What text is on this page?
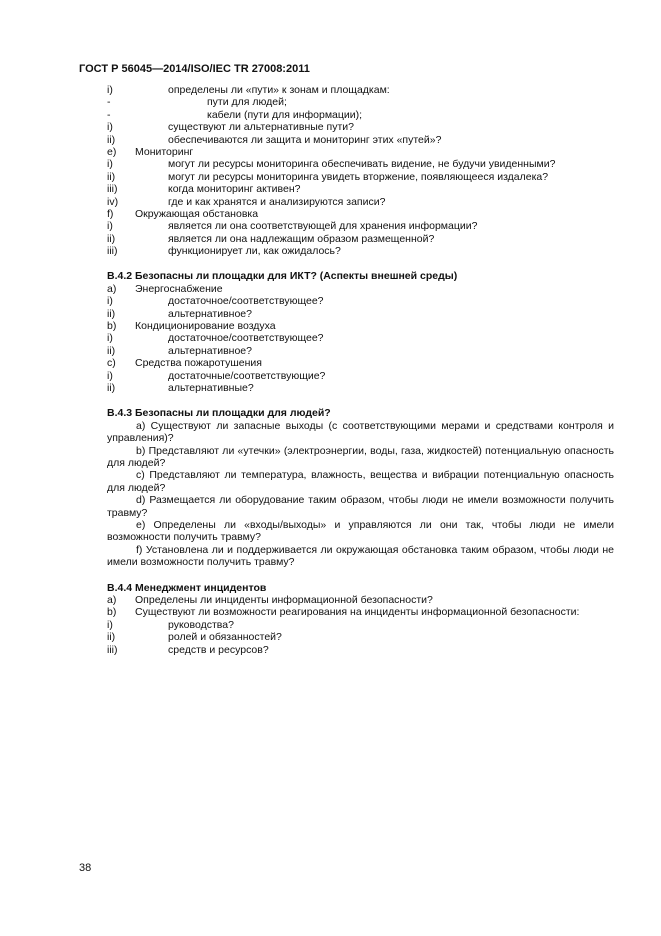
ГОСТ Р 56045—2014/ISO/IEC TR 27008:2011
i)	определены ли «пути» к зонам и площадкам:
-	пути для людей;
-	кабели (пути для информации);
i)	существуют ли альтернативные пути?
ii)	обеспечиваются ли защита и мониторинг этих «путей»?
e) Мониторинг
i)	могут ли ресурсы мониторинга обеспечивать видение, не будучи увиденными?
ii)	могут ли ресурсы мониторинга увидеть вторжение, появляющееся издалека?
iii)	когда мониторинг активен?
iv)	где и как хранятся и анализируются записи?
f) Окружающая обстановка
i)	является ли она соответствующей для хранения информации?
ii)	является ли она надлежащим образом размещенной?
iii)	функционирует ли, как ожидалось?
B.4.2 Безопасны ли площадки для ИКТ? (Аспекты внешней среды)
a) Энергоснабжение
i)	достаточное/соответствующее?
ii)	альтернативное?
b) Кондиционирование воздуха
i)	достаточное/соответствующее?
ii)	альтернативное?
c) Средства пожаротушения
i)	достаточные/соответствующие?
ii)	альтернативные?
B.4.3 Безопасны ли площадки для людей?

a) Существуют ли запасные выходы (с соответствующими мерами и средствами контроля и управления)?

b) Представляют ли «утечки» (электроэнергии, воды, газа, жидкостей) потенциальную опасность для людей?

c) Представляют ли температура, влажность, вещества и вибрации потенциальную опасность для людей?

d) Размещается ли оборудование таким образом, чтобы люди не имели возможности получить травму?

e) Определены ли «входы/выходы» и управляются ли они так, чтобы люди не имели возможности получить травму?

f) Установлена ли и поддерживается ли окружающая обстановка таким образом, чтобы люди не имели возможности получить травму?

B.4.4 Менеджмент инцидентов
a) Определены ли инциденты информационной безопасности?
b) Существуют ли возможности реагирования на инциденты информационной безопасности:
i)	руководства?
ii)	ролей и обязанностей?
iii)	средств и ресурсов?
38
